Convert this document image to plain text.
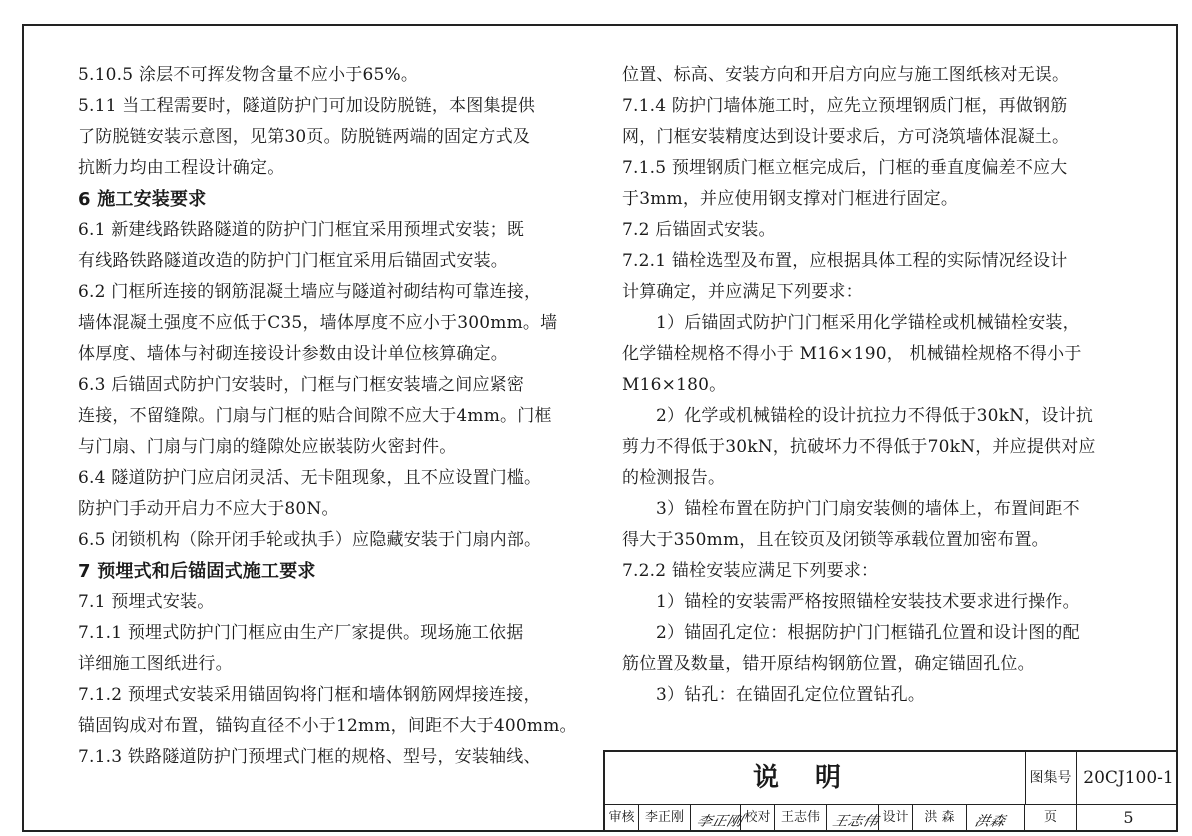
5.10.5 涂层不可挥发物含量不应小于65%。
5.11 当工程需要时，隧道防护门可加设防脱链，本图集提供
了防脱链安装示意图，见第30页。防脱链两端的固定方式及
抗断力均由工程设计确定。
6 施工安装要求
6.1 新建线路铁路隧道的防护门门框宜采用预埋式安装；既
有线路铁路隧道改造的防护门门框宜采用后锚固式安装。
6.2 门框所连接的钢筋混凝土墙应与隧道衬砌结构可靠连接，
墙体混凝土强度不应低于C35，墙体厚度不应小于300mm。墙
体厚度、墙体与衬砌连接设计参数由设计单位核算确定。
6.3 后锚固式防护门安装时，门框与门框安装墙之间应紧密
连接，不留缝隙。门扇与门框的贴合间隙不应大于4mm。门框
与门扇、门扇与门扇的缝隙处应嵌装防火密封件。
6.4 隧道防护门应启闭灵活、无卡阻现象，且不应设置门槛。
防护门手动开启力不应大于80N。
6.5 闭锁机构（除开闭手轮或执手）应隐藏安装于门扇内部。
7 预埋式和后锚固式施工要求
7.1 预埋式安装。
7.1.1 预埋式防护门门框应由生产厂家提供。现场施工依据
详细施工图纸进行。
7.1.2 预埋式安装采用锚固钩将门框和墙体钢筋网焊接连接，
锚固钩成对布置，锚钩直径不小于12mm，间距不大于400mm。
7.1.3 铁路隧道防护门预埋式门框的规格、型号，安装轴线、
位置、标高、安装方向和开启方向应与施工图纸核对无误。
7.1.4 防护门墙体施工时，应先立预埋钢质门框，再做钢筋
网，门框安装精度达到设计要求后，方可浇筑墙体混凝土。
7.1.5 预埋钢质门框立框完成后，门框的垂直度偏差不应大
于3mm，并应使用钢支撑对门框进行固定。
7.2 后锚固式安装。
7.2.1 锚栓选型及布置，应根据具体工程的实际情况经设计
计算确定，并应满足下列要求：
1）后锚固式防护门门框采用化学锚栓或机械锚栓安装，
化学锚栓规格不得小于 M16×190， 机械锚栓规格不得小于
M16×180。
2）化学或机械锚栓的设计抗拉力不得低于30kN，设计抗
剪力不得低于30kN，抗破坏力不得低于70kN，并应提供对应
的检测报告。
3）锚栓布置在防护门门扇安装侧的墙体上，布置间距不
得大于350mm，且在铰页及闭锁等承载位置加密布置。
7.2.2 锚栓安装应满足下列要求：
1）锚栓的安装需严格按照锚栓安装技术要求进行操作。
2）锚固孔定位：根据防护门门框锚孔位置和设计图的配
筋位置及数量，错开原结构钢筋位置，确定锚固孔位。
3）钻孔：在锚固孔定位位置钻孔。
说明	图集号 20CJ100-1
审核 李正刚 李正刚 校对 王志伟 王志伟 设计	洪 森	洪森	页	5
